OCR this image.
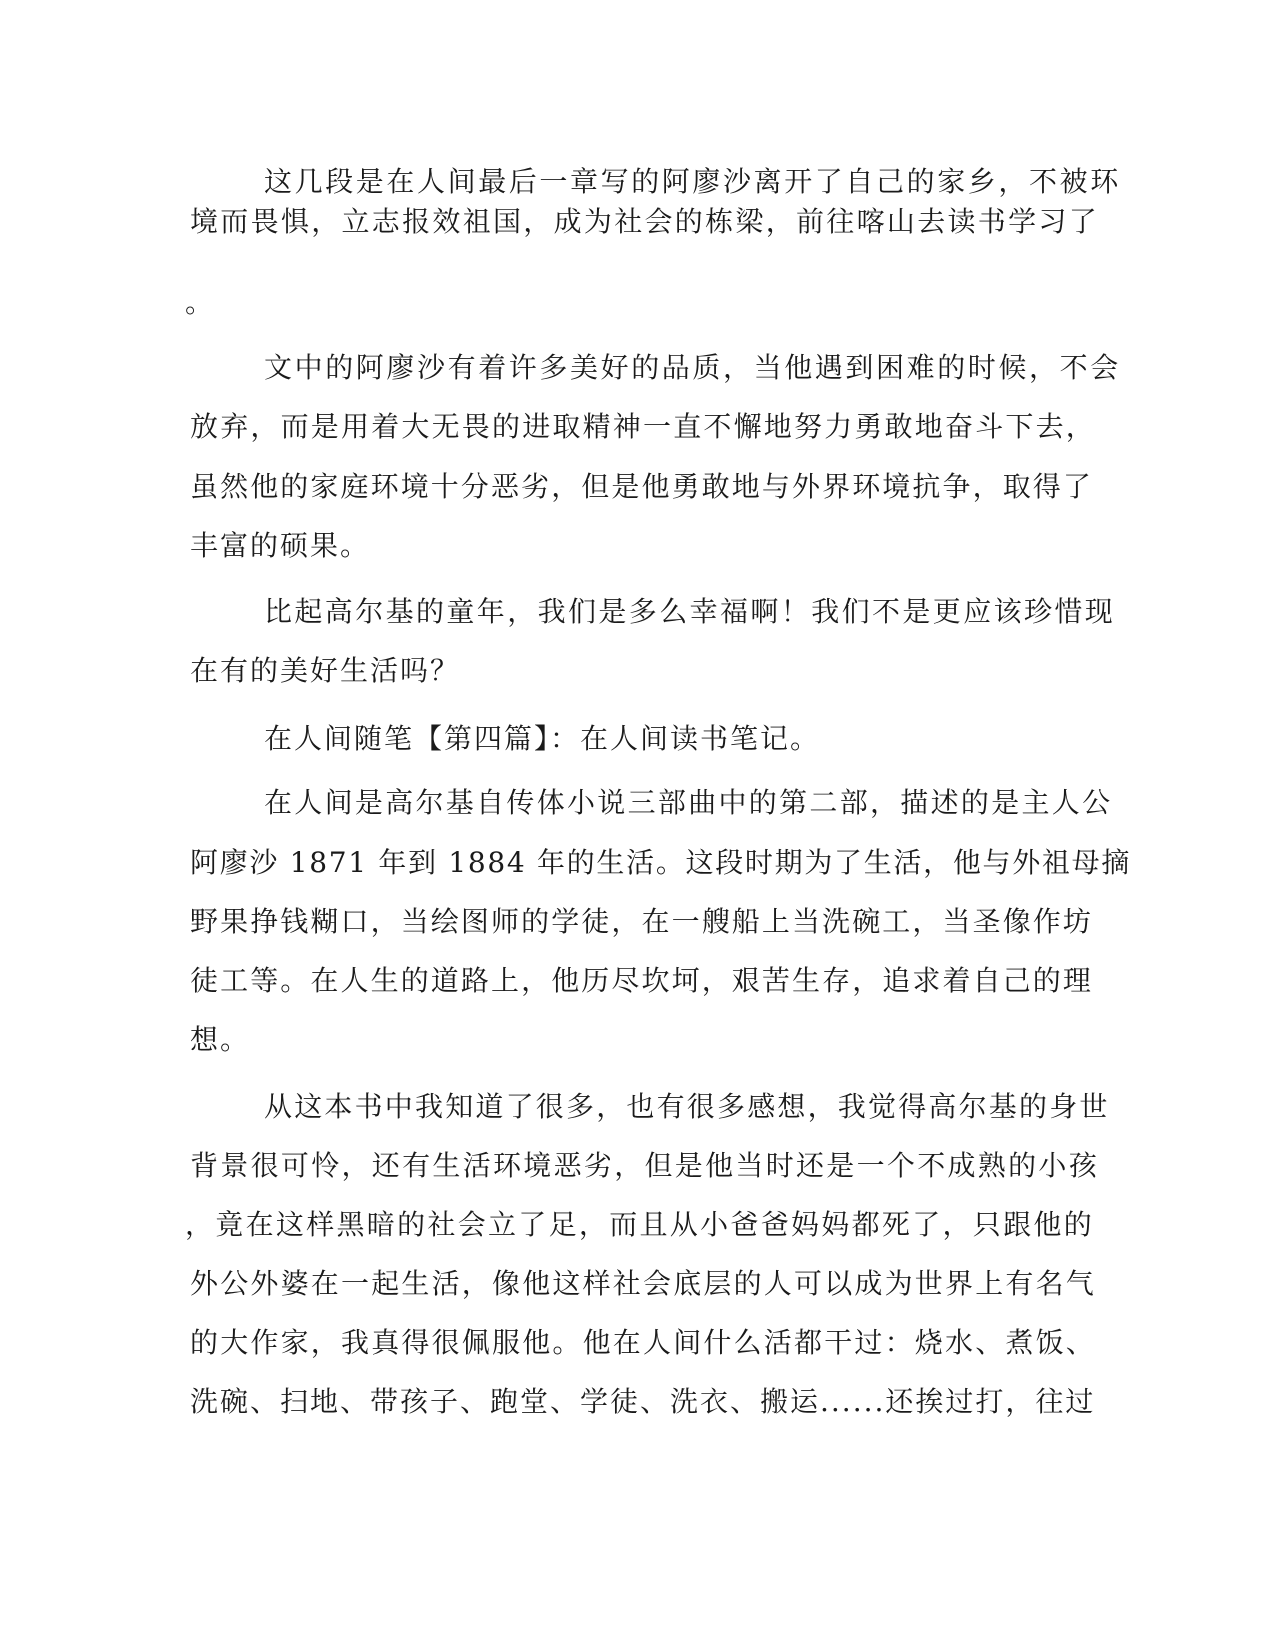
这几段是在人间最后一章写的阿廖沙离开了自己的家乡，不被环

境而畏惧，立志报效祖国，成为社会的栋梁，前往喀山去读书学习了

。

文中的阿廖沙有着许多美好的品质，当他遇到困难的时候，不会

放弃，而是用着大无畏的进取精神一直不懈地努力勇敢地奋斗下去，

虽然他的家庭环境十分恶劣，但是他勇敢地与外界环境抗争，取得了

丰富的硕果。

比起高尔基的童年，我们是多么幸福啊！我们不是更应该珍惜现

在有的美好生活吗？

在人间随笔【第四篇】：在人间读书笔记。

在人间是高尔基自传体小说三部曲中的第二部，描述的是主人公

阿廖沙 1871 年到 1884 年的生活。这段时期为了生活，他与外祖母摘

野果挣钱糊口，当绘图师的学徒，在一艘船上当洗碗工，当圣像作坊

徒工等。在人生的道路上，他历尽坎坷，艰苦生存，追求着自己的理

想。

从这本书中我知道了很多，也有很多感想，我觉得高尔基的身世

背景很可怜，还有生活环境恶劣，但是他当时还是一个不成熟的小孩

，竟在这样黑暗的社会立了足，而且从小爸爸妈妈都死了，只跟他的

外公外婆在一起生活，像他这样社会底层的人可以成为世界上有名气

的大作家，我真得很佩服他。他在人间什么活都干过：烧水、煮饭、

洗碗、扫地、带孩子、跑堂、学徒、洗衣、搬运......还挨过打，往过
